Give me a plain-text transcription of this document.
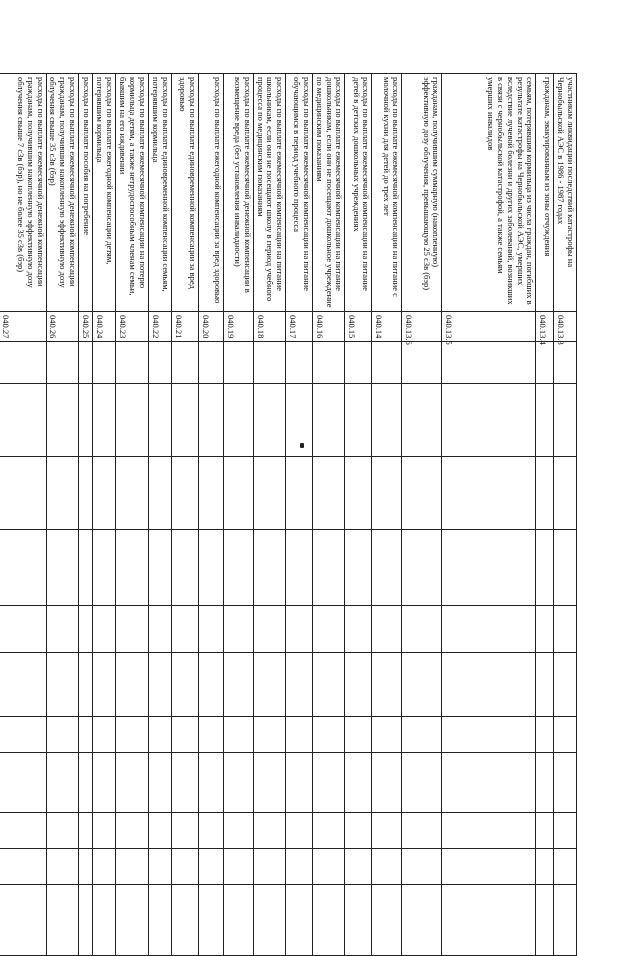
участникам ликвидации последствий катастрофы на Чернобыльской АЭС в 1986 - 1987 годах	040.13.3											
гражданам, эвакуированным из зоны отчуждения	040.13.4											
семьям, потерявшим кормильца из числа граждан, погибших в результате катастрофы на Чернобыльской АЭС, умерших вследствие лучевой болезни и других заболеваний, возникших в связи с чернобыльской катастрофой, а также семьям умерших инвалидов	040.13.5											
гражданам, получившим суммарную (накопленную) эффективную дозу облучения, превышающую 25 сЗв (бэр)	040.13.6											
расходы по выплате ежемесячной компенсации на питание с молочной кухни для детей до трех лет	040.14											
расходы по выплате ежемесячной компенсации на питание детей в детских дошкольных учреждениях	040.15											
расходы по выплате ежемесячной компенсации на питание дошкольникам, если они не посещают дошкольное учреждение по медицинским показаниям	040.16											
расходы по выплате ежемесячной компенсации на питание обучающимся в период учебного процесса	040.17											
расходы по выплате ежемесячной компенсации на питание школьникам, если они не посещают школу в период учебного процесса по медицинским показаниям	040.18											
расходы по выплате ежемесячной денежной компенсации в возмещение вреда (без установления инвалидности)	040.19											
расходы по выплате ежегодной компенсации за вред здоровью	040.20											
расходы по выплате единовременной компенсации за вред здоровью	040.21											
расходы по выплате единовременной компенсации семьям, потерявшим кормильца	040.22											
расходы по выплате ежемесячной компенсации на потерю кормильца детям, а также нетрудоспособным членам семьи, бывшим на его иждивении	040.23											
расходы по выплате ежегодной компенсации детям, потерявшим кормильца	040.24											
расходы по выплате пособия на погребение	040.25											
расходы по выплате ежемесячной денежной компенсации гражданам, получившим накопленную эффективную дозу облучения свыше 35 сЗв (бэр)	040.26											
расходы по выплате ежемесячной денежной компенсации гражданам, получившим накопленную эффективную дозу облучения свыше 7 сЗв (бэр), но не более 35 сЗв (бэр)	040.27											
